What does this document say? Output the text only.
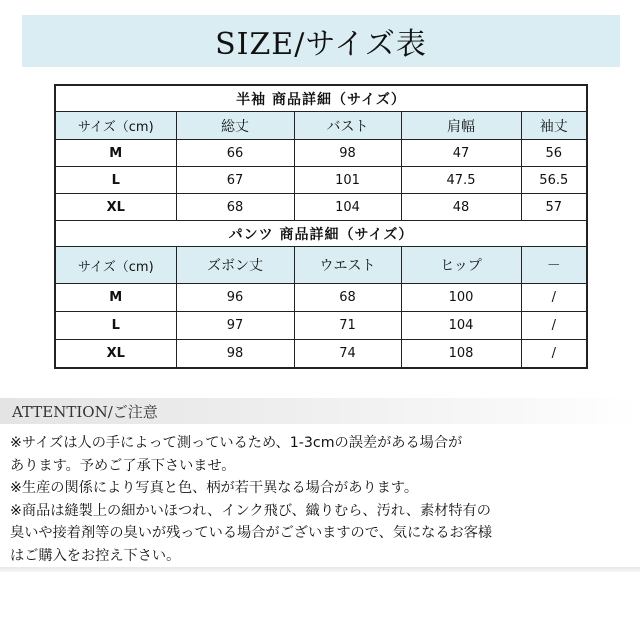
SIZE/サイズ表
半袖 商品詳細（サイズ）				
サイズ（cm)	総丈	バスト	肩幅	袖丈
M	66	98	47	56
L	67	101	47.5	56.5
XL	68	104	48	57
パンツ 商品詳細（サイズ）				
サイズ（cm)	ズボン丈	ウエスト	ヒップ	－
M	96	68	100	/
L	97	71	104	/
XL	98	74	108	/
ATTENTION/ご注意

※サイズは人の手によって測っているため、1-3cmの誤差がある場合が

あります。予めご了承下さいませ。

※生産の関係により写真と色、柄が若干異なる場合があります。

※商品は縫製上の細かいほつれ、インク飛び、織りむら、汚れ、素材特有の

臭いや接着剤等の臭いが残っている場合がございますので、気になるお客様

はご購入をお控え下さい。
